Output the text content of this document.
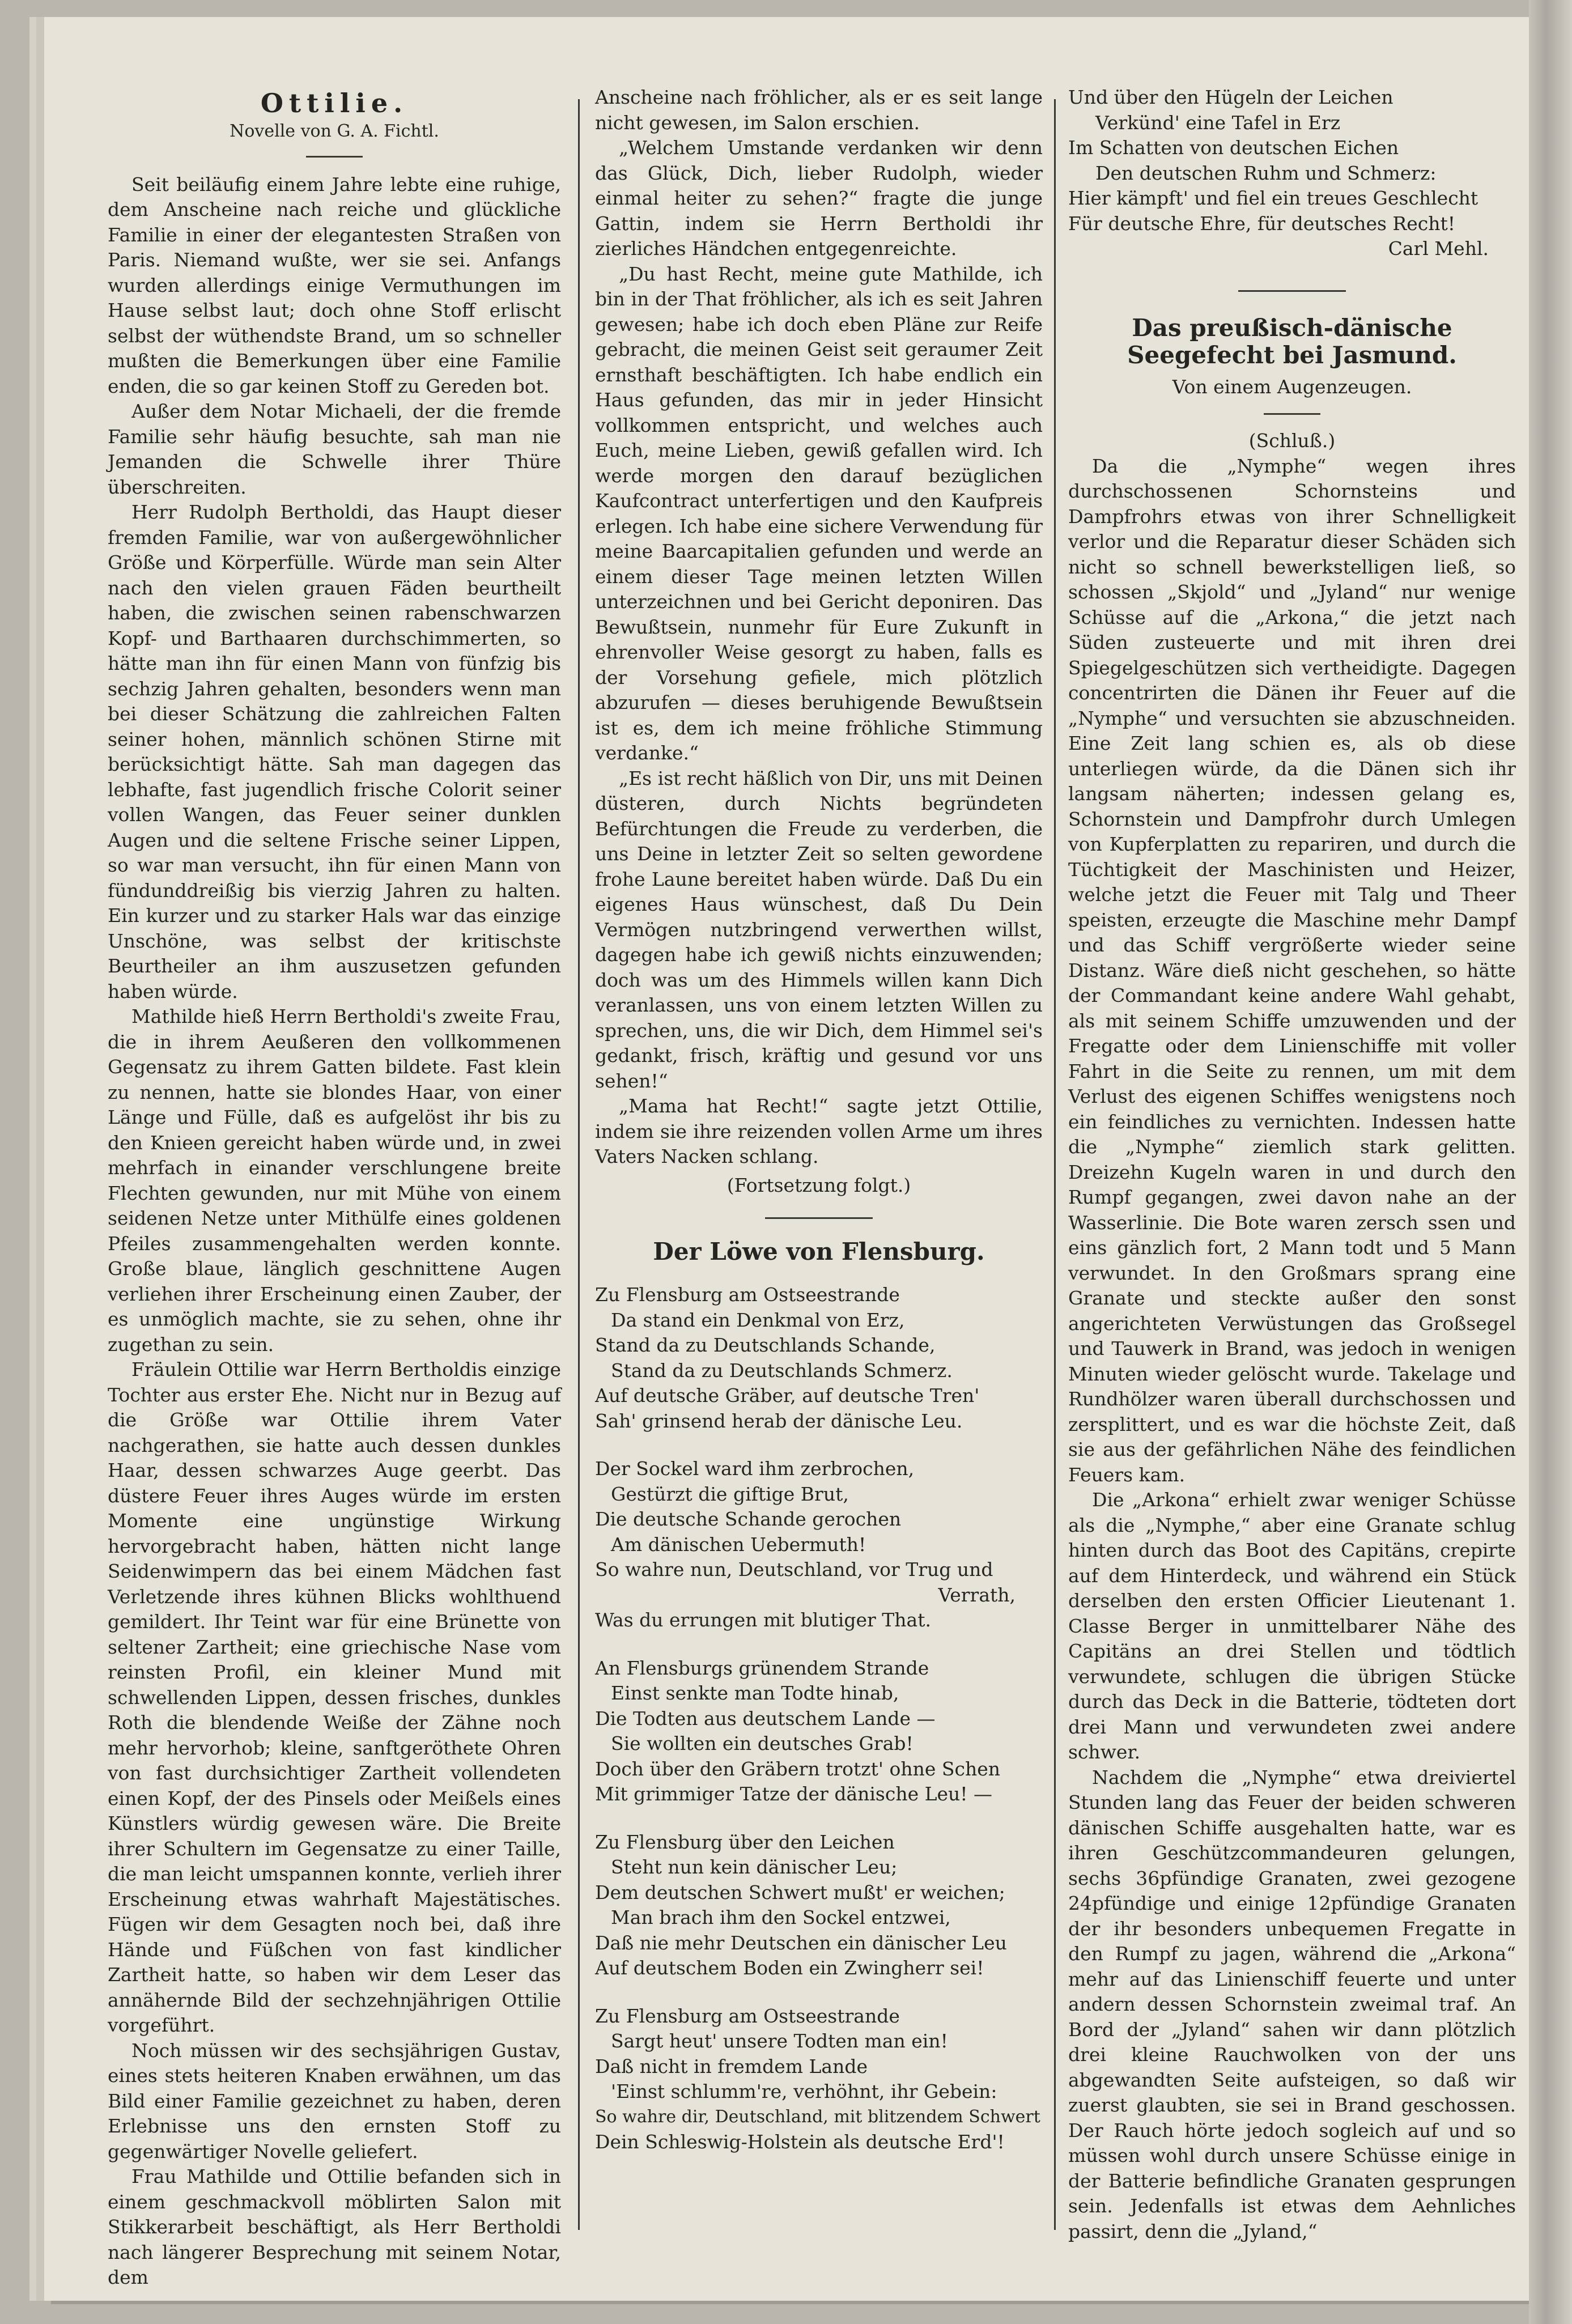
Ottilie.
Novelle von G. A. Fichtl.

Seit beiläufig einem Jahre lebte eine ruhige, dem Anscheine nach reiche und glückliche Familie in einer der elegantesten Straßen von Paris. Niemand wußte, wer sie sei. Anfangs wurden allerdings einige Vermuthungen im Hause selbst laut; doch ohne Stoff erlischt selbst der wüthendste Brand, um so schneller mußten die Bemerkungen über eine Familie enden, die so gar keinen Stoff zu Gereden bot.

Außer dem Notar Michaeli, der die fremde Familie sehr häufig besuchte, sah man nie Jemanden die Schwelle ihrer Thüre überschreiten.

Herr Rudolph Bertholdi, das Haupt dieser fremden Familie, war von außergewöhnlicher Größe und Körperfülle. Würde man sein Alter nach den vielen grauen Fäden beurtheilt haben, die zwischen seinen rabenschwarzen Kopf- und Barthaaren durchschimmerten, so hätte man ihn für einen Mann von fünfzig bis sechzig Jahren gehalten, besonders wenn man bei dieser Schätzung die zahlreichen Falten seiner hohen, männlich schönen Stirne mit berücksichtigt hätte. Sah man dagegen das lebhafte, fast jugendlich frische Colorit seiner vollen Wangen, das Feuer seiner dunklen Augen und die seltene Frische seiner Lippen, so war man versucht, ihn für einen Mann von fündunddreißig bis vierzig Jahren zu halten. Ein kurzer und zu starker Hals war das einzige Unschöne, was selbst der kritischste Beurtheiler an ihm auszusetzen gefunden haben würde.

Mathilde hieß Herrn Bertholdi's zweite Frau, die in ihrem Aeußeren den vollkommenen Gegensatz zu ihrem Gatten bildete. Fast klein zu nennen, hatte sie blondes Haar, von einer Länge und Fülle, daß es aufgelöst ihr bis zu den Knieen gereicht haben würde und, in zwei mehrfach in einander verschlungene breite Flechten gewunden, nur mit Mühe von einem seidenen Netze unter Mithülfe eines goldenen Pfeiles zusammengehalten werden konnte. Große blaue, länglich geschnittene Augen verliehen ihrer Erscheinung einen Zauber, der es unmöglich machte, sie zu sehen, ohne ihr zugethan zu sein.

Fräulein Ottilie war Herrn Bertholdis einzige Tochter aus erster Ehe. Nicht nur in Bezug auf die Größe war Ottilie ihrem Vater nachgerathen, sie hatte auch dessen dunkles Haar, dessen schwarzes Auge geerbt. Das düstere Feuer ihres Auges würde im ersten Momente eine ungünstige Wirkung hervorgebracht haben, hätten nicht lange Seidenwimpern das bei einem Mädchen fast Verletzende ihres kühnen Blicks wohlthuend gemildert. Ihr Teint war für eine Brünette von seltener Zartheit; eine griechische Nase vom reinsten Profil, ein kleiner Mund mit schwellenden Lippen, dessen frisches, dunkles Roth die blendende Weiße der Zähne noch mehr hervorhob; kleine, sanftgeröthete Ohren von fast durchsichtiger Zartheit vollendeten einen Kopf, der des Pinsels oder Meißels eines Künstlers würdig gewesen wäre. Die Breite ihrer Schultern im Gegensatze zu einer Taille, die man leicht umspannen konnte, verlieh ihrer Erscheinung etwas wahrhaft Majestätisches. Fügen wir dem Gesagten noch bei, daß ihre Hände und Füßchen von fast kindlicher Zartheit hatte, so haben wir dem Leser das annähernde Bild der sechzehnjährigen Ottilie vorgeführt.

Noch müssen wir des sechsjährigen Gustav, eines stets heiteren Knaben erwähnen, um das Bild einer Familie gezeichnet zu haben, deren Erlebnisse uns den ernsten Stoff zu gegenwärtiger Novelle geliefert.

Frau Mathilde und Ottilie befanden sich in einem geschmackvoll möblirten Salon mit Stikkerarbeit beschäftigt, als Herr Bertholdi nach längerer Besprechung mit seinem Notar, dem

Anscheine nach fröhlicher, als er es seit lange nicht gewesen, im Salon erschien.

„Welchem Umstande verdanken wir denn das Glück, Dich, lieber Rudolph, wieder einmal heiter zu sehen?“ fragte die junge Gattin, indem sie Herrn Bertholdi ihr zierliches Händchen entgegenreichte.

„Du hast Recht, meine gute Mathilde, ich bin in der That fröhlicher, als ich es seit Jahren gewesen; habe ich doch eben Pläne zur Reife gebracht, die meinen Geist seit geraumer Zeit ernsthaft beschäftigten. Ich habe endlich ein Haus gefunden, das mir in jeder Hinsicht vollkommen entspricht, und welches auch Euch, meine Lieben, gewiß gefallen wird. Ich werde morgen den darauf bezüglichen Kaufcontract unterfertigen und den Kaufpreis erlegen. Ich habe eine sichere Verwendung für meine Baarcapitalien gefunden und werde an einem dieser Tage meinen letzten Willen unterzeichnen und bei Gericht deponiren. Das Bewußtsein, nunmehr für Eure Zukunft in ehrenvoller Weise gesorgt zu haben, falls es der Vorsehung gefiele, mich plötzlich abzurufen — dieses beruhigende Bewußtsein ist es, dem ich meine fröhliche Stimmung verdanke.“

„Es ist recht häßlich von Dir, uns mit Deinen düsteren, durch Nichts begründeten Befürchtungen die Freude zu verderben, die uns Deine in letzter Zeit so selten gewordene frohe Laune bereitet haben würde. Daß Du ein eigenes Haus wünschest, daß Du Dein Vermögen nutzbringend verwerthen willst, dagegen habe ich gewiß nichts einzuwenden; doch was um des Himmels willen kann Dich veranlassen, uns von einem letzten Willen zu sprechen, uns, die wir Dich, dem Himmel sei's gedankt, frisch, kräftig und gesund vor uns sehen!“

„Mama hat Recht!“ sagte jetzt Ottilie, indem sie ihre reizenden vollen Arme um ihres Vaters Nacken schlang.

(Fortsetzung folgt.)
Der Löwe von Flensburg.
Zu Flensburg am Ostseestrande
Da stand ein Denkmal von Erz,
Stand da zu Deutschlands Schande,
Stand da zu Deutschlands Schmerz.
Auf deutsche Gräber, auf deutsche Tren'
Sah' grinsend herab der dänische Leu.
Der Sockel ward ihm zerbrochen,
Gestürzt die giftige Brut,
Die deutsche Schande gerochen
Am dänischen Uebermuth!
So wahre nun, Deutschland, vor Trug und
Verrath,
Was du errungen mit blutiger That.
An Flensburgs grünendem Strande
Einst senkte man Todte hinab,
Die Todten aus deutschem Lande —
Sie wollten ein deutsches Grab!
Doch über den Gräbern trotzt' ohne Schen
Mit grimmiger Tatze der dänische Leu! —
Zu Flensburg über den Leichen
Steht nun kein dänischer Leu;
Dem deutschen Schwert mußt' er weichen;
Man brach ihm den Sockel entzwei,
Daß nie mehr Deutschen ein dänischer Leu
Auf deutschem Boden ein Zwingherr sei!
Zu Flensburg am Ostseestrande
Sargt heut' unsere Todten man ein!
Daß nicht in fremdem Lande
'Einst schlumm're, verhöhnt, ihr Gebein:
So wahre dir, Deutschland, mit blitzendem Schwert
Dein Schleswig-Holstein als deutsche Erd'!
Und über den Hügeln der Leichen
Verkünd' eine Tafel in Erz
Im Schatten von deutschen Eichen
Den deutschen Ruhm und Schmerz:
Hier kämpft' und fiel ein treues Geschlecht
Für deutsche Ehre, für deutsches Recht!
Carl Mehl.
Das preußisch-dänische Seegefecht bei Jasmund.
Von einem Augenzeugen.
(Schluß.)

Da die „Nymphe“ wegen ihres durchschossenen Schornsteins und Dampfrohrs etwas von ihrer Schnelligkeit verlor und die Reparatur dieser Schäden sich nicht so schnell bewerkstelligen ließ, so schossen „Skjold“ und „Jyland“ nur wenige Schüsse auf die „Arkona,“ die jetzt nach Süden zusteuerte und mit ihren drei Spiegelgeschützen sich vertheidigte. Dagegen concentrirten die Dänen ihr Feuer auf die „Nymphe“ und versuchten sie abzuschneiden. Eine Zeit lang schien es, als ob diese unterliegen würde, da die Dänen sich ihr langsam näherten; indessen gelang es, Schornstein und Dampfrohr durch Umlegen von Kupferplatten zu repariren, und durch die Tüchtigkeit der Maschinisten und Heizer, welche jetzt die Feuer mit Talg und Theer speisten, erzeugte die Maschine mehr Dampf und das Schiff vergrößerte wieder seine Distanz. Wäre dieß nicht geschehen, so hätte der Commandant keine andere Wahl gehabt, als mit seinem Schiffe umzuwenden und der Fregatte oder dem Linienschiffe mit voller Fahrt in die Seite zu rennen, um mit dem Verlust des eigenen Schiffes wenigstens noch ein feindliches zu vernichten. Indessen hatte die „Nymphe“ ziemlich stark gelitten. Dreizehn Kugeln waren in und durch den Rumpf gegangen, zwei davon nahe an der Wasserlinie. Die Bote waren zersch ssen und eins gänzlich fort, 2 Mann todt und 5 Mann verwundet. In den Großmars sprang eine Granate und steckte außer den sonst angerichteten Verwüstungen das Großsegel und Tauwerk in Brand, was jedoch in wenigen Minuten wieder gelöscht wurde. Takelage und Rundhölzer waren überall durchschossen und zersplittert, und es war die höchste Zeit, daß sie aus der gefährlichen Nähe des feindlichen Feuers kam.

Die „Arkona“ erhielt zwar weniger Schüsse als die „Nymphe,“ aber eine Granate schlug hinten durch das Boot des Capitäns, crepirte auf dem Hinterdeck, und während ein Stück derselben den ersten Officier Lieutenant 1. Classe Berger in unmittelbarer Nähe des Capitäns an drei Stellen und tödtlich verwundete, schlugen die übrigen Stücke durch das Deck in die Batterie, tödteten dort drei Mann und verwundeten zwei andere schwer.

Nachdem die „Nymphe“ etwa dreiviertel Stunden lang das Feuer der beiden schweren dänischen Schiffe ausgehalten hatte, war es ihren Geschützcommandeuren gelungen, sechs 36pfündige Granaten, zwei gezogene 24pfündige und einige 12pfündige Granaten der ihr besonders unbequemen Fregatte in den Rumpf zu jagen, während die „Arkona“ mehr auf das Linienschiff feuerte und unter andern dessen Schornstein zweimal traf. An Bord der „Jyland“ sahen wir dann plötzlich drei kleine Rauchwolken von der uns abgewandten Seite aufsteigen, so daß wir zuerst glaubten, sie sei in Brand geschossen. Der Rauch hörte jedoch sogleich auf und so müssen wohl durch unsere Schüsse einige in der Batterie befindliche Granaten gesprungen sein. Jedenfalls ist etwas dem Aehnliches passirt, denn die „Jyland,“
